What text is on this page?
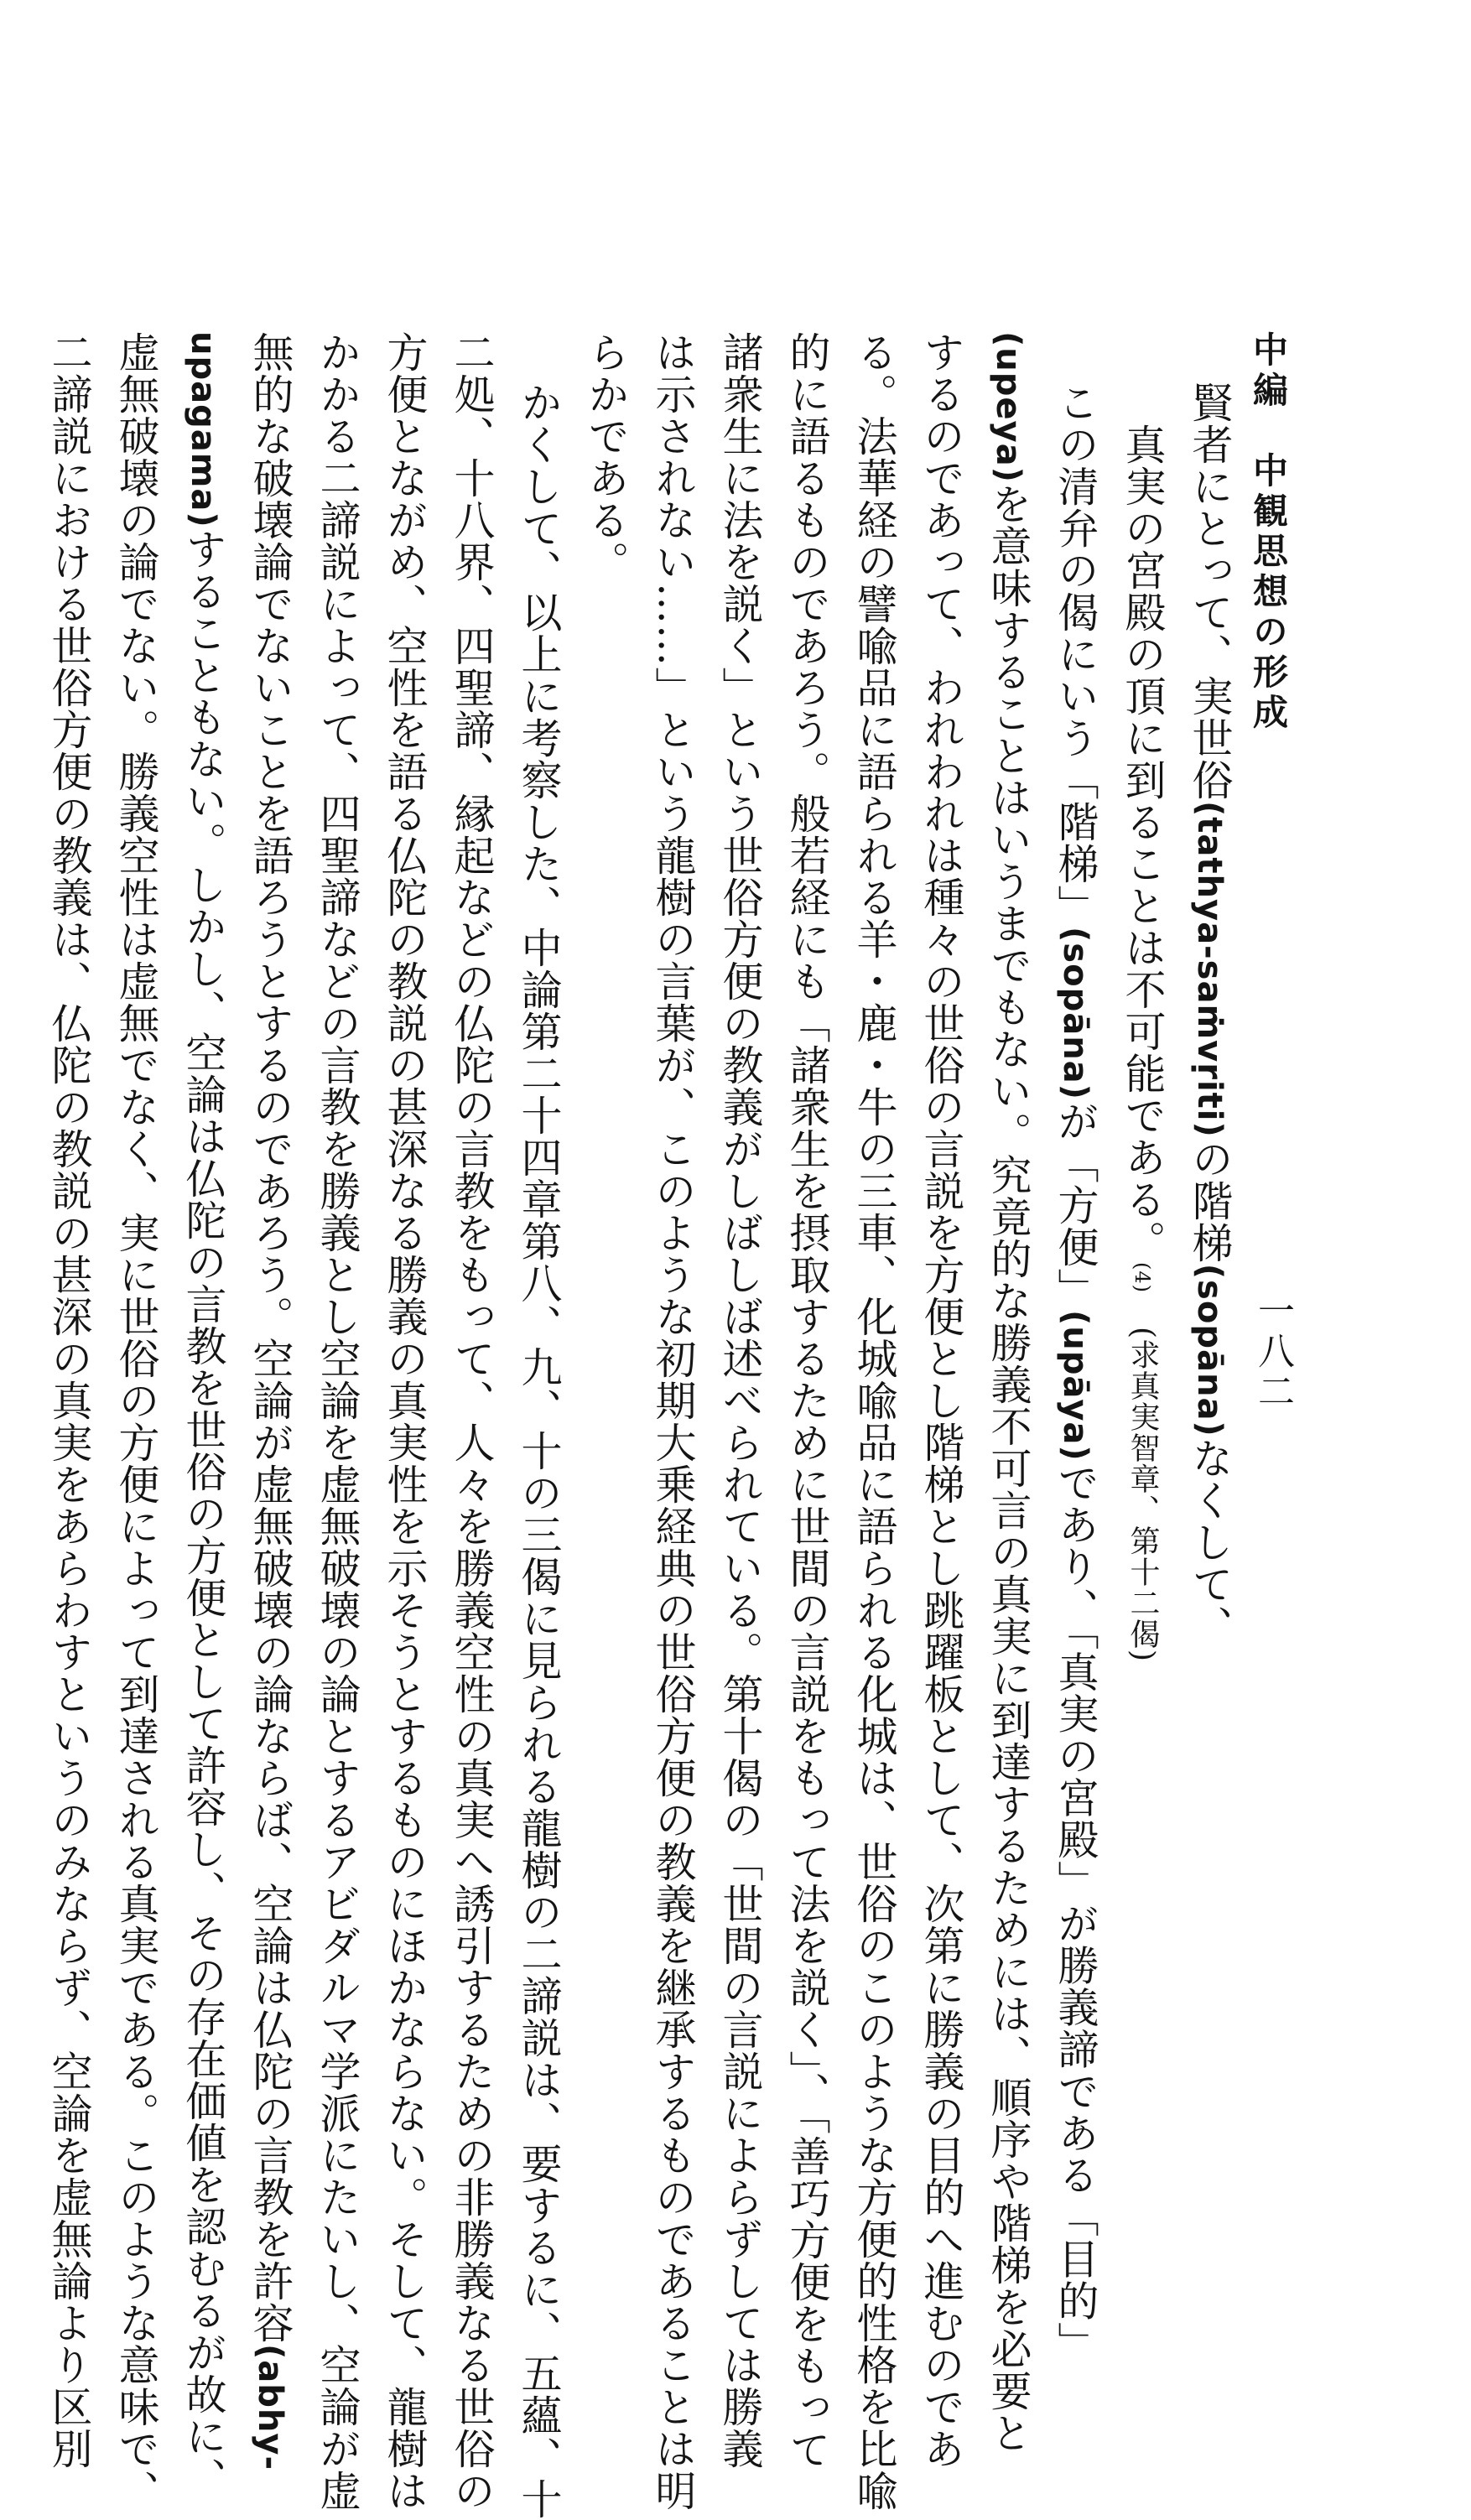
中編　中観思想の形成
一八二
賢者にとって、実世俗(tathya-saṁvṛiti)の階梯(sopāna)なくして、
真実の宮殿の頂に到ることは不可能である。(4)(求真実智章、第十二偈)
この清弁の偈にいう「階梯」(sopāna)が「方便」(upāya)であり、「真実の宮殿」が勝義諦である「目的」
(upeya)を意味することはいうまでもない。究竟的な勝義不可言の真実に到達するためには、順序や階梯を必要と
するのであって、われわれは種々の世俗の言説を方便とし階梯とし跳躍板として、次第に勝義の目的へ進むのであ
る。法華経の譬喩品に語られる羊・鹿・牛の三車、化城喩品に語られる化城は、世俗のこのような方便的性格を比喩
的に語るものであろう。般若経にも「諸衆生を摂取するために世間の言説をもって法を説く」、「善巧方便をもって
諸衆生に法を説く」という世俗方便の教義がしばしば述べられている。第十偈の「世間の言説によらずしては勝義
は示されない……」という龍樹の言葉が、このような初期大乗経典の世俗方便の教義を継承するものであることは明
らかである。
かくして、以上に考察した、中論第二十四章第八、九、十の三偈に見られる龍樹の二諦説は、要するに、五蘊、十
二処、十八界、四聖諦、縁起などの仏陀の言教をもって、人々を勝義空性の真実へ誘引するための非勝義なる世俗の
方便とながめ、空性を語る仏陀の教説の甚深なる勝義の真実性を示そうとするものにほかならない。そして、龍樹は
かかる二諦説によって、四聖諦などの言教を勝義とし空論を虚無破壊の論とするアビダルマ学派にたいし、空論が虚
無的な破壊論でないことを語ろうとするのであろう。空論が虚無破壊の論ならば、空論は仏陀の言教を許容(abhy-
upagama)することもない。しかし、空論は仏陀の言教を世俗の方便として許容し、その存在価値を認むるが故に、
虚無破壊の論でない。勝義空性は虚無でなく、実に世俗の方便によって到達される真実である。このような意味で、
二諦説における世俗方便の教義は、仏陀の教説の甚深の真実をあらわすというのみならず、空論を虚無論より区別
